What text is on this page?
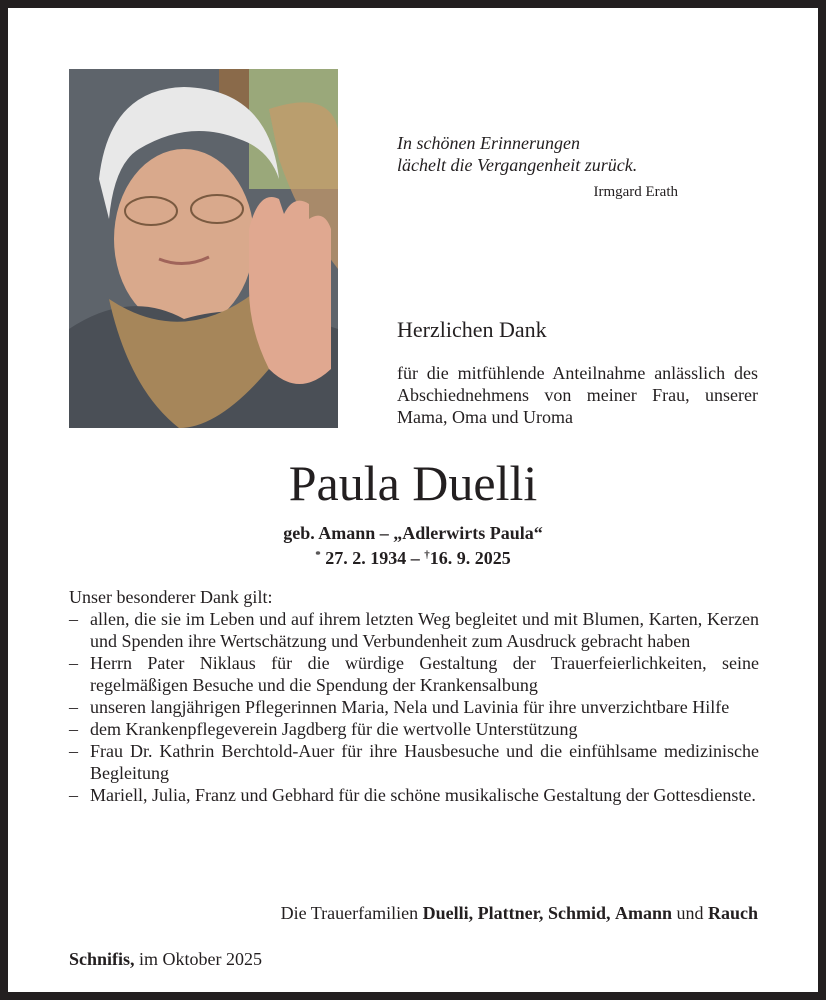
In schönen Erinnerungen
lächelt die Vergangenheit zurück.
Irmgard Erath
Herzlichen Dank
für die mitfühlende Anteilnahme anlässlich des Abschiednehmens von meiner Frau, unserer Mama, Oma und Uroma
Paula Duelli
geb. Amann – „Adlerwirts Paula“
* 27. 2. 1934 – †16. 9. 2025
Unser besonderer Dank gilt:
– allen, die sie im Leben und auf ihrem letzten Weg begleitet und mit Blumen, Karten, Kerzen und Spenden ihre Wertschätzung und Verbundenheit zum Ausdruck gebracht haben
– Herrn Pater Niklaus für die würdige Gestaltung der Trauerfeierlichkeiten, seine regelmäßigen Besuche und die Spendung der Krankensalbung
– unseren langjährigen Pflegerinnen Maria, Nela und Lavinia für ihre unverzichtbare Hilfe
– dem Krankenpflegeverein Jagdberg für die wertvolle Unterstützung
– Frau Dr. Kathrin Berchtold-Auer für ihre Hausbesuche und die einfühlsame medizinische Begleitung
– Mariell, Julia, Franz und Gebhard für die schöne musikalische Gestaltung der Gottesdienste.
Die Trauerfamilien Duelli, Plattner, Schmid, Amann und Rauch
Schnifis, im Oktober 2025
